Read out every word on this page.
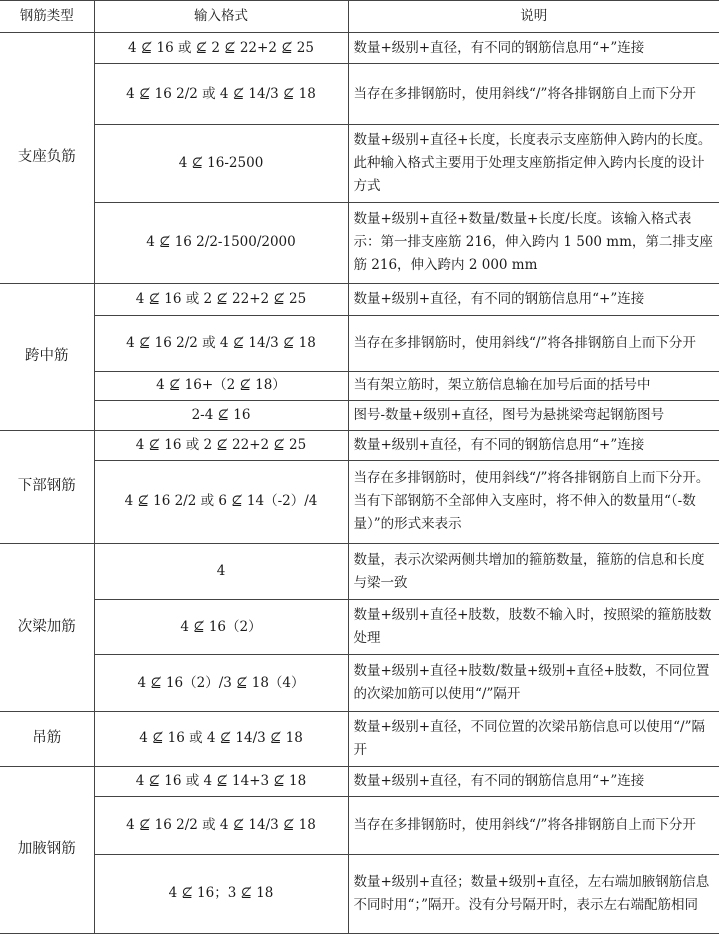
钢筋类型	输入格式	说明
支座负筋	4 ⊈ 16 或 ⊈ 2 ⊈ 22+2 ⊈ 25	数量+级别+直径，有不同的钢筋信息用“+”连接
	4 ⊈ 16 2/2 或 4 ⊈ 14/3 ⊈ 18	当存在多排钢筋时，使用斜线“/”将各排钢筋自上而下分开
	4 ⊈ 16-2500	数量+级别+直径+长度，长度表示支座筋伸入跨内的长度。此种输入格式主要用于处理支座筋指定伸入跨内长度的设计方式
	4 ⊈ 16 2/2-1500/2000	数量+级别+直径+数量/数量+长度/长度。该输入格式表示：第一排支座筋 216，伸入跨内 1 500 mm，第二排支座筋 216，伸入跨内 2 000 mm
跨中筋	4 ⊈ 16 或 2 ⊈ 22+2 ⊈ 25	数量+级别+直径，有不同的钢筋信息用“+”连接
	4 ⊈ 16 2/2 或 4 ⊈ 14/3 ⊈ 18	当存在多排钢筋时，使用斜线“/”将各排钢筋自上而下分开
	4 ⊈ 16+（2 ⊈ 18）	当有架立筋时，架立筋信息输在加号后面的括号中
	2-4 ⊈ 16	图号-数量+级别+直径，图号为悬挑梁弯起钢筋图号
下部钢筋	4 ⊈ 16 或 2 ⊈ 22+2 ⊈ 25	数量+级别+直径，有不同的钢筋信息用“+”连接
	4 ⊈ 16 2/2 或 6 ⊈ 14（-2）/4	当存在多排钢筋时，使用斜线“/”将各排钢筋自上而下分开。当有下部钢筋不全部伸入支座时，将不伸入的数量用“（-数量）”的形式来表示
次梁加筋	4	数量，表示次梁两侧共增加的箍筋数量，箍筋的信息和长度与梁一致
	4 ⊈ 16（2）	数量+级别+直径+肢数，肢数不输入时，按照梁的箍筋肢数处理
	4 ⊈ 16（2）/3 ⊈ 18（4）	数量+级别+直径+肢数/数量+级别+直径+肢数，不同位置的次梁加筋可以使用“/”隔开
吊筋	4 ⊈ 16 或 4 ⊈ 14/3 ⊈ 18	数量+级别+直径，不同位置的次梁吊筋信息可以使用“/”隔开
加腋钢筋	4 ⊈ 16 或 4 ⊈ 14+3 ⊈ 18	数量+级别+直径，有不同的钢筋信息用“+”连接
	4 ⊈ 16 2/2 或 4 ⊈ 14/3 ⊈ 18	当存在多排钢筋时，使用斜线“/”将各排钢筋自上而下分开
	4 ⊈ 16；3 ⊈ 18	数量+级别+直径；数量+级别+直径，左右端加腋钢筋信息不同时用“；”隔开。没有分号隔开时，表示左右端配筋相同
